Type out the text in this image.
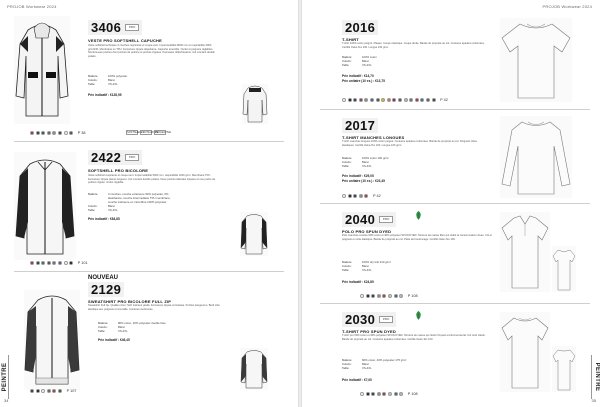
PROJOB Workwear 2024
3406	PRO
VESTE PRO SOFTSHELL CAPUCHE
Veste softshell technique 3 couches respirante et coupe-vent. Imperméabilité 8000 mm et respirabilité 3000 g/m²/24h. Membrane en TPU. Fermeture zippée déperlante. Capuche amovible. Ourlet et poignets réglables. Nombreuses poches dont poches de poitrine et poches zippées. Panneaux réfléchissants. Col montant doublé polaire.
Matière:	100% polyester
Coloris:	Blanc
Taille:	XS-4XL
Prix indicatif : €128,95
P 38	SOFTSHELL
VENTILATION
REFLECTIVE
2422	PRO
SOFTSHELL PRO BICOLORE
Veste softshell respirante et coupe-vent. Imperméabilité 5000 mm, respirabilité 1000 g/m². Membrane TPU. Fermeture zippée pleine longueur. Col montant doublé polaire. Deux poches latérales zippées et une poche de poitrine zippée. Ourlet réglable.
Matière:	3 couches: couche extérieure 94% polyester, 6% élasthanne; couche intermédiaire TPU membrane; couche intérieure en microfibre 100% polyester
Coloris:	Blanc
Taille:	XS-4XL
Prix indicatif : €84,85
P 101
NOUVEAU
2129
SWEATSHIRT PRO BICOLORE FULL ZIP
Sweatshirt Full zip. Qualité coton ‘Soft’ intérieur gratté. Fermeture zippée contrastée. Poches kangourou. Bord côte élastique aux poignets et à la taille. Coutures renforcées.
Matière:	80% coton, 20% polyester double face
Coloris:	Blanc
Taille:	XS-4XL
Prix indicatif : €46,45
P 107
PEINTRE
34
PROJOB Workwear 2024
2016
T-SHIRT
T-shirt 100% coton peigné. Plaqué. Coupe classique. Coupe droite. Bande de propreté au col. Coutures épaules renforcées. Certifié Oeko-Tex 100. Longue 160 g/m².
Matière:	100% coton
Coloris:	Blanc
Taille:	XS-4XL
Prix indicatif : €14,70
Prix unitaire (10 ex.) : €13,75
P 42
2017
T-SHIRT MANCHES LONGUES
T-shirt manches longues 100% coton peigné. Coutures épaules renforcées. Bande de propreté au col. Poignets côtes élastiques. Certifié Oeko-Tex 100. Longue 160 g/m².
Matière:	100% coton 160 g/m²
Coloris:	Blanc
Taille:	XS-4XL
Prix indicatif : €29,05
Prix unitaire (10 ex.) : €23,45
P 42
2040	PRO
POLO PRO SPUN DYED
Polo manches courtes 60% coton et 40% polyester SPUN DYED. Teinture de masse fibre qui réduit la consommation d'eau. Col et poignets en côte élastique. Bande de propreté au col. Patte de boutonnage. Certifié Oeko-Tex 100.
Matière:	100% dry knit 210 g/m²
Coloris:	Blanc
Taille:	XS-4XL
Prix indicatif : €24,89
P 108
2030	PRO
T-SHIRT PRO SPUN DYED
T-shirt pro 60% coton et 40% polyester SPUN DYED. Teinture de masse qui réduit l'impact environnemental. Col rond côtelé. Bande de propreté au col. Coutures épaules renforcées. Certifié Oeko-Tex 100.
Matière:	60% coton, 40% polyester 175 g/m²
Coloris:	Blanc
Taille:	XS-4XL
Prix indicatif : €7,00
P 108
PEINTRE
35
